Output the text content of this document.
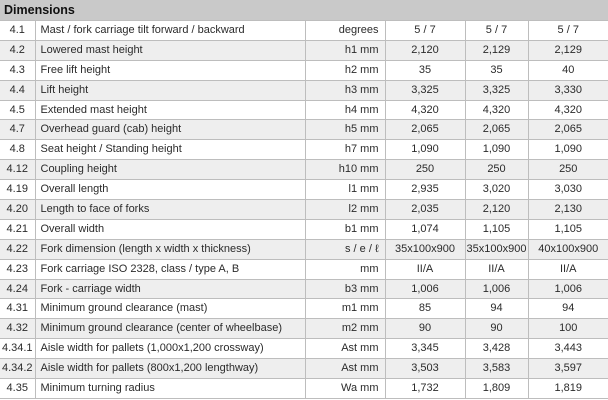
Dimensions
4.1	Mast / fork carriage tilt forward / backward	degrees	5 / 7	5 / 7	5 / 7
4.2	Lowered mast height	h1 mm	2,120	2,129	2,129
4.3	Free lift height	h2 mm	35	35	40
4.4	Lift height	h3 mm	3,325	3,325	3,330
4.5	Extended mast height	h4 mm	4,320	4,320	4,320
4.7	Overhead guard (cab) height	h5 mm	2,065	2,065	2,065
4.8	Seat height / Standing height	h7 mm	1,090	1,090	1,090
4.12	Coupling height	h10 mm	250	250	250
4.19	Overall length	l1 mm	2,935	3,020	3,030
4.20	Length to face of forks	l2 mm	2,035	2,120	2,130
4.21	Overall width	b1 mm	1,074	1,105	1,105
4.22	Fork dimension (length x width x thickness)	s / e / ℓ	35x100x900	35x100x900	40x100x900
4.23	Fork carriage ISO 2328, class / type A, B	mm	II/A	II/A	II/A
4.24	Fork - carriage width	b3 mm	1,006	1,006	1,006
4.31	Minimum ground clearance (mast)	m1 mm	85	94	94
4.32	Minimum ground clearance (center of wheelbase)	m2 mm	90	90	100
4.34.1	Aisle width for pallets (1,000x1,200 crossway)	Ast mm	3,345	3,428	3,443
4.34.2	Aisle width for pallets (800x1,200 lengthway)	Ast mm	3,503	3,583	3,597
4.35	Minimum turning radius	Wa mm	1,732	1,809	1,819
